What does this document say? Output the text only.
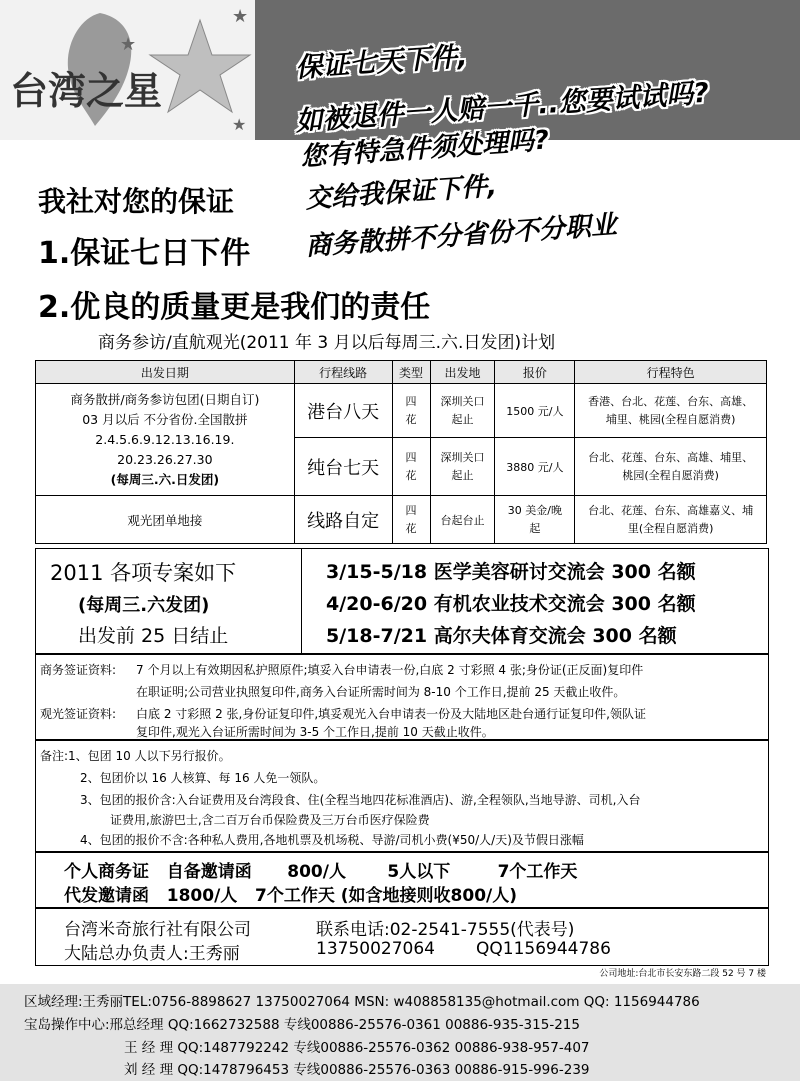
★
★
★
台湾之星
保证七天下件,
如被退件一人赔一千..您要试试吗?
您有特急件须处理吗?
交给我保证下件,
商务散拼不分省份不分职业
我社对您的保证
1.保证七日下件
2.优良的质量更是我们的责任
商务参访/直航观光(2011 年 3 月以后每周三.六.日发团)计划
出发日期	行程线路	类型	出发地	报价	行程特色

商务散拼/商务参访包团(日期自订)
03 月以后 不分省份.全国散拼
2.4.5.6.9.12.13.16.19.
20.23.26.27.30
(每周三.六.日发团)	港台八天	四花	深圳关口起止	1500 元/人	香港、台北、花莲、台东、高雄、埔里、桃园(全程自愿消费)
	纯台七天	四花	深圳关口起止	3880 元/人	台北、花莲、台东、高雄、埔里、桃园(全程自愿消费)
观光团单地接	线路自定	四花	台起台止	30 美金/晚起	台北、花莲、台东、高雄嘉义、埔里(全程自愿消费)
2011 各项专案如下
(每周三.六发团)
出发前 25 日结止
3/15-5/18 医学美容研讨交流会 300 名额
4/20-6/20 有机农业技术交流会 300 名额
5/18-7/21 高尔夫体育交流会 300 名额
商务签证资料: 7 个月以上有效期因私护照原件;填妥入台申请表一份,白底 2 寸彩照 4 张;身份证(正反面)复印件
在职证明;公司营业执照复印件,商务入台证所需时间为 8-10 个工作日,提前 25 天截止收件。
观光签证资料: 白底 2 寸彩照 2 张,身份证复印件,填妥观光入台申请表一份及大陆地区赴台通行证复印件,领队证
复印件,观光入台证所需时间为 3-5 个工作日,提前 10 天截止收件。
备注:1、包团 10 人以下另行报价。
2、包团价以 16 人核算、每 16 人免一领队。
3、包团的报价含:入台证费用及台湾段食、住(全程当地四花标准酒店)、游,全程领队,当地导游、司机,入台
证费用,旅游巴士,含二百万台币保险费及三万台币医疗保险费
4、包团的报价不含:各种私人费用,各地机票及机场税、导游/司机小费(¥50/人/天)及节假日涨幅
个人商务证   自备邀请函      800/人       5人以下        7个工作天
代发邀请函   1800/人   7个工作天 (如含地接则收800/人)
台湾米奇旅行社有限公司	联系电话:02-2541-7555(代表号)
大陆总办负责人:王秀丽	13750027064 QQ1156944786
公司地址:台北市长安东路二段 52 号 7 楼
区域经理:王秀丽TEL:0756-8898627 13750027064 MSN: w408858135@hotmail.com QQ: 1156944786
宝岛操作中心:邢总经理 QQ:1662732588 专线00886-25576-0361 00886-935-315-215
王 经 理 QQ:1487792242 专线00886-25576-0362 00886-938-957-407
刘 经 理 QQ:1478796453 专线00886-25576-0363 00886-915-996-239
